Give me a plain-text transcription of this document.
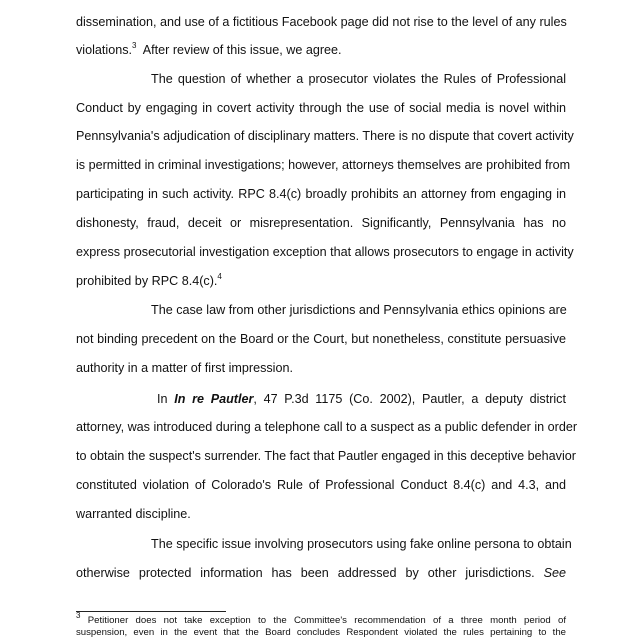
dissemination, and use of a fictitious Facebook page did not rise to the level of any rules
violations.$^3$  After review of this issue, we agree.
The question of whether a prosecutor violates the Rules of Professional
Conduct by engaging in covert activity through the use of social media is novel within
Pennsylvania's adjudication of disciplinary matters. There is no dispute that covert activity
is permitted in criminal investigations; however, attorneys themselves are prohibited from
participating in such activity. RPC 8.4(c) broadly prohibits an attorney from engaging in
dishonesty, fraud, deceit or misrepresentation. Significantly, Pennsylvania has no
express prosecutorial investigation exception that allows prosecutors to engage in activity
prohibited by RPC 8.4(c).$^4$
The case law from other jurisdictions and Pennsylvania ethics opinions are
not binding precedent on the Board or the Court, but nonetheless, constitute persuasive
authority in a matter of first impression.
In In re Pautler, 47 P.3d 1175 (Co. 2002), Pautler, a deputy district
attorney, was introduced during a telephone call to a suspect as a public defender in order
to obtain the suspect's surrender. The fact that Pautler engaged in this deceptive behavior
constituted violation of Colorado's Rule of Professional Conduct 8.4(c) and 4.3, and
warranted discipline.
The specific issue involving prosecutors using fake online persona to obtain
otherwise protected information has been addressed by other jurisdictions. See
$^3$ Petitioner does not take exception to the Committee's recommendation of a three month period of
suspension, even in the event that the Board concludes Respondent violated the rules pertaining to the
